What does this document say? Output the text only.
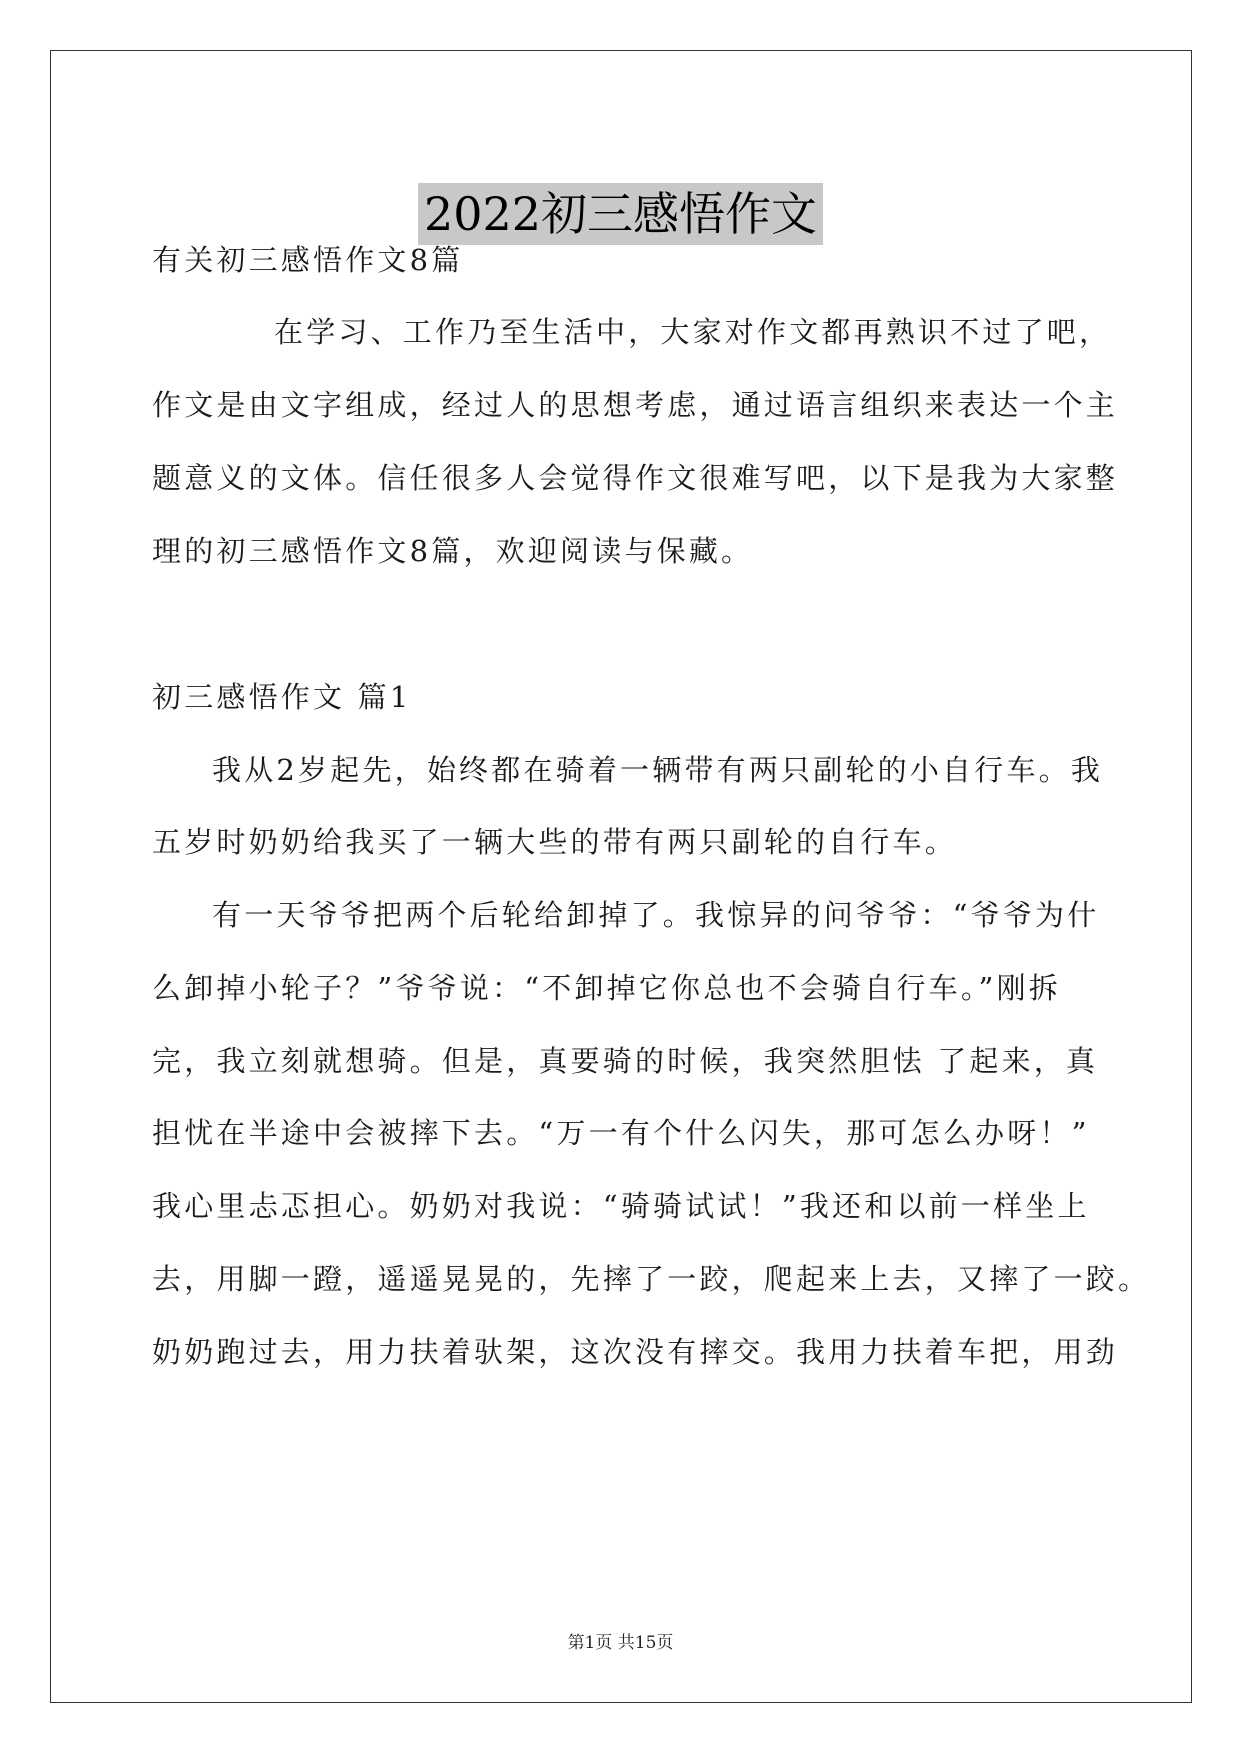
2022初三感悟作文

有关初三感悟作文8篇

在学习、工作乃至生活中，大家对作文都再熟识不过了吧，

作文是由文字组成，经过人的思想考虑，通过语言组织来表达一个主

题意义的文体。信任很多人会觉得作文很难写吧，以下是我为大家整

理的初三感悟作文8篇，欢迎阅读与保藏。

初三感悟作文 篇1

我从2岁起先，始终都在骑着一辆带有两只副轮的小自行车。我

五岁时奶奶给我买了一辆大些的带有两只副轮的自行车。

有一天爷爷把两个后轮给卸掉了。我惊异的问爷爷：“爷爷为什

么卸掉小轮子？”爷爷说：“不卸掉它你总也不会骑自行车。”刚拆

完，我立刻就想骑。但是，真要骑的时候，我突然胆怯 了起来，真

担忧在半途中会被摔下去。“万一有个什么闪失，那可怎么办呀！”

我心里忐忑担心。奶奶对我说：“骑骑试试！”我还和以前一样坐上

去，用脚一蹬，遥遥晃晃的，先摔了一跤，爬起来上去，又摔了一跤。

奶奶跑过去，用力扶着驮架，这次没有摔交。我用力扶着车把，用劲

第1页 共15页
